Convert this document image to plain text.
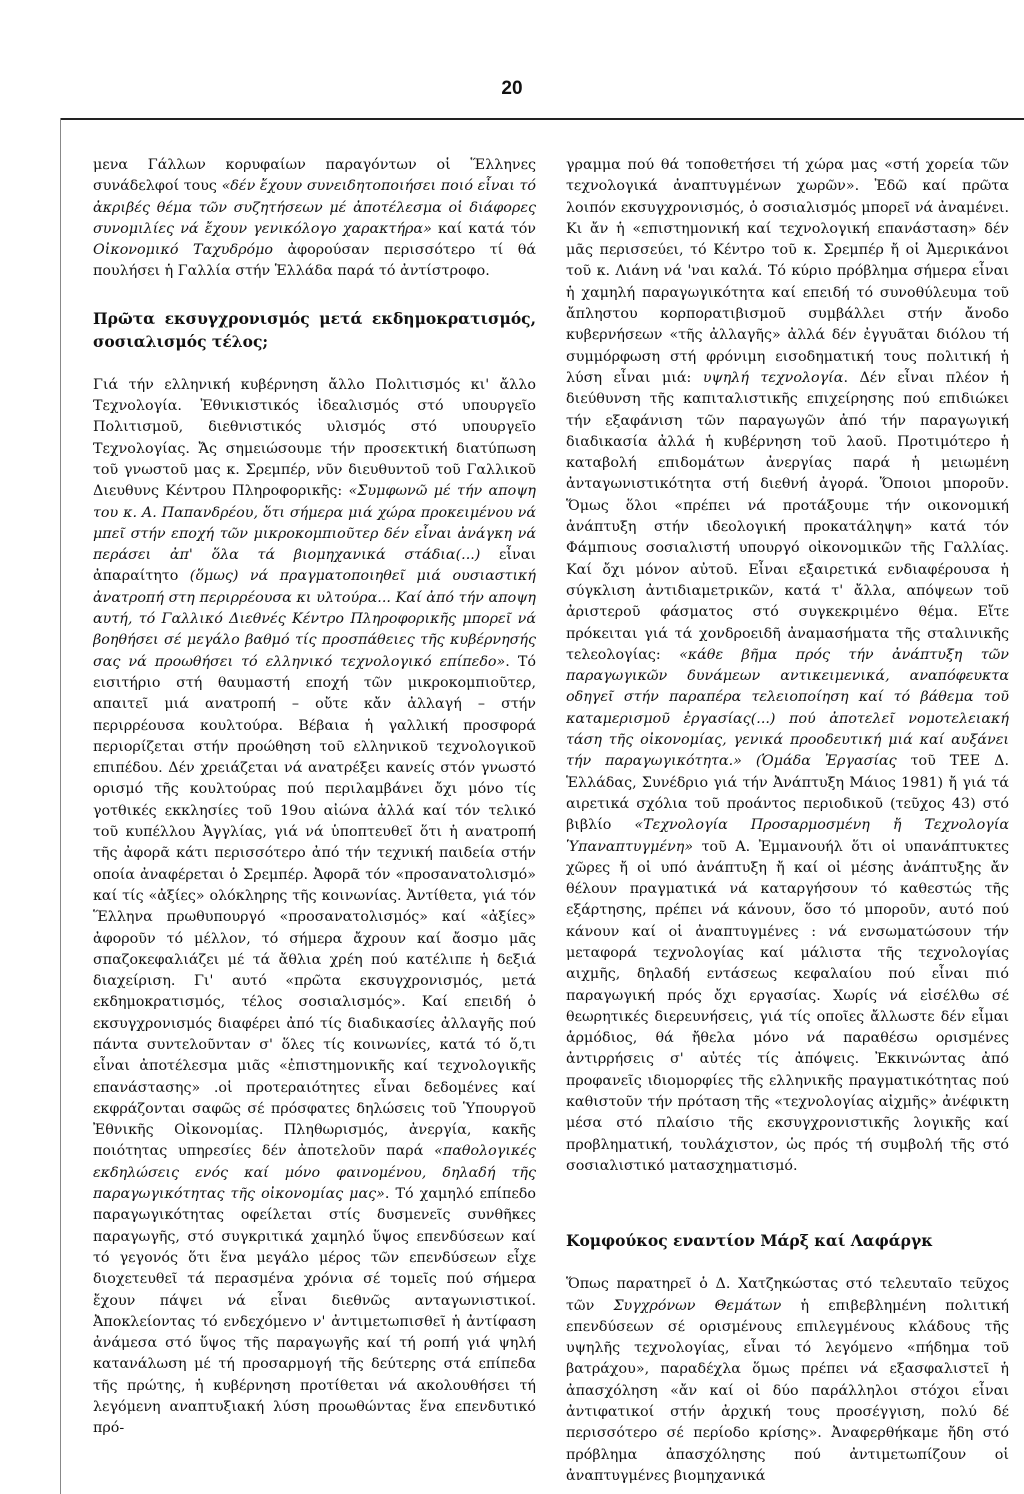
20

μενα Γάλλων κορυφαίων παραγόντων οἱ Ἕλληνες συνάδελφοί τους «δέν ἔχουν συνειδητοποιήσει ποιό εἶναι τό ἀκριβές θέμα τῶν συζητήσεων μέ ἀποτέλεσμα οἱ διάφορες συνομιλίες νά ἔχουν γενικόλογο χαρακτήρα» καί κατά τόν Οἰκονομικό Ταχυδρόμο ἀφορούσαν περισσότερο τί θά πουλήσει ἡ Γαλλία στήν Ἑλλάδα παρά τό ἀντίστροφο.

Πρῶτα εκσυγχρονισμός μετά εκδημοκρατισμός, σοσιαλισμός τέλος;

Γιά τήν ελληνική κυβέρνηση ἄλλο Πολιτισμός κι' ἄλλο Τεχνολογία. Ἐθνικιστικός ἰδεαλισμός στό υπουργεῖο Πολιτισμοῦ, διεθνιστικός υλισμός στό υπουργεῖο Τεχνολογίας. Ἄς σημειώσουμε τήν προσεκτική διατύπωση τοῦ γνωστοῦ μας κ. Σρεμπέρ, νῦν διευθυντοῦ τοῦ Γαλλικοῦ Διευθυνς Κέντρου Πληροφορικῆς: «Συμφωνῶ μέ τήν αποψη του κ. Α. Παπανδρέου, ὅτι σήμερα μιά χώρα προκειμένου νά μπεῖ στήν εποχή τῶν μικροκομπιοῦτερ δέν εἶναι ἀνάγκη νά περάσει ἀπ' ὅλα τά βιομηχανικά στάδια(...) εἶναι ἀπαραίτητο (ὅμως) νά πραγματοποιηθεῖ μιά ουσιαστική ἀνατροπή στη περιρρέουσα κι υλτούρα... Καί ἀπό τήν αποψη αυτή, τό Γαλλικό Διεθνές Κέντρο Πληροφορικῆς μπορεῖ νά βοηθήσει σέ μεγάλο βαθμό τίς προσπάθειες τῆς κυβέρνησής σας νά προωθήσει τό ελληνικό τεχνολογικό επίπεδο». Τό εισιτήριο στή θαυμαστή εποχή τῶν μικροκομπιοῦτερ, απαιτεῖ μιά ανατροπή – οὔτε κἄν ἀλλαγή – στήν περιρρέουσα κουλτούρα. Βέβαια ἡ γαλλική προσφορά περιορίζεται στήν προώθηση τοῦ ελληνικοῦ τεχνολογικοῦ επιπέδου. Δέν χρειάζεται νά ανατρέξει κανείς στόν γνωστό ορισμό τῆς κουλτούρας πού περιλαμβάνει ὄχι μόνο τίς γοτθικές εκκλησίες τοῦ 19ου αἰώνα ἀλλά καί τόν τελικό τοῦ κυπέλλου Ἀγγλίας, γιά νά ὑποπτευθεῖ ὅτι ἡ ανατροπή τῆς ἀφορᾶ κάτι περισσότερο ἀπό τήν τεχνική παιδεία στήν οποία ἀναφέρεται ὁ Σρεμπέρ. Ἀφορᾶ τόν «προσανατολισμό» καί τίς «ἀξίες» ολόκληρης τῆς κοινωνίας. Ἀντίθετα, γιά τόν Ἕλληνα πρωθυπουργό «προσανατολισμός» καί «ἀξίες» ἀφοροῦν τό μέλλον, τό σήμερα ἄχρουν καί ἄοσμο μᾶς σπαζοκεφαλιάζει μέ τά ἄθλια χρέη πού κατέλιπε ἡ δεξιά διαχείριση. Γι' αυτό «πρῶτα εκσυγχρονισμός, μετά εκδημοκρατισμός, τέλος σοσιαλισμός». Καί επειδή ὁ εκσυγχρονισμός διαφέρει ἀπό τίς διαδικασίες ἀλλαγῆς πού πάντα συντελοῦνταν σ' ὅλες τίς κοινωνίες, κατά τό ὅ,τι εἶναι ἀποτέλεσμα μιᾶς «ἐπιστημονικῆς καί τεχνολογικῆς επανάστασης» .οἱ προτεραιότητες εἶναι δεδομένες καί εκφράζονται σαφῶς σέ πρόσφατες δηλώσεις τοῦ Ὑπουργοῦ Ἐθνικῆς Οἰκονομίας. Πληθωρισμός, ἀνεργία, κακῆς ποιότητας υπηρεσίες δέν ἀποτελοῦν παρά «παθολογικές εκδηλώσεις ενός καί μόνο φαινομένου, δηλαδή τῆς παραγωγικότητας τῆς οἰκονομίας μας». Τό χαμηλό επίπεδο παραγωγικότητας οφείλεται στίς δυσμενεῖς συνθῆκες παραγωγῆς, στό συγκριτικά χαμηλό ὕψος επενδύσεων καί τό γεγονός ὅτι ἕνα μεγάλο μέρος τῶν επενδύσεων εἶχε διοχετευθεῖ τά περασμένα χρόνια σέ τομεῖς πού σήμερα ἔχουν πάψει νά εἶναι διεθνῶς ανταγωνιστικοί. Ἀποκλείοντας τό ενδεχόμενο ν' ἀντιμετωπισθεῖ ἡ ἀντίφαση ἀνάμεσα στό ὕψος τῆς παραγωγῆς καί τή ροπή γιά ψηλή κατανάλωση μέ τή προσαρμογή τῆς δεύτερης στά επίπεδα τῆς πρώτης, ἡ κυβέρνηση προτίθεται νά ακολουθήσει τή λεγόμενη αναπτυξιακή λύση προωθώντας ἕνα επενδυτικό πρό-

γραμμα πού θά τοποθετήσει τή χώρα μας «στή χορεία τῶν τεχνολογικά ἀναπτυγμένων χωρῶν». Ἐδῶ καί πρῶτα λοιπόν εκσυγχρονισμός, ὁ σοσιαλισμός μπορεῖ νά ἀναμένει. Κι ἄν ἡ «επιστημονική καί τεχνολογική επανάσταση» δέν μᾶς περισσεύει, τό Κέντρο τοῦ κ. Σρεμπέρ ἤ οἱ Ἀμερικάνοι τοῦ κ. Λιάνη νά 'ναι καλά. Τό κύριο πρόβλημα σήμερα εἶναι ἡ χαμηλή παραγωγικότητα καί επειδή τό συνοθύλευμα τοῦ ἄπληστου κορπορατιβισμοῦ συμβάλλει στήν ἄνοδο κυβερνήσεων «τῆς ἀλλαγῆς» ἀλλά δέν ἐγγυᾶται διόλου τή συμμόρφωση στή φρόνιμη εισοδηματική τους πολιτική ἡ λύση εἶναι μιά: υψηλή τεχνολογία. Δέν εἶναι πλέον ἡ διεύθυνση τῆς καπιταλιστικῆς επιχείρησης πού επιδιώκει τήν εξαφάνιση τῶν παραγωγῶν ἀπό τήν παραγωγική διαδικασία ἀλλά ἡ κυβέρνηση τοῦ λαοῦ. Προτιμότερο ἡ καταβολή επιδομάτων ἀνεργίας παρά ἡ μειωμένη ἀνταγωνιστικότητα στή διεθνή ἀγορά. Ὅποιοι μποροῦν. Ὅμως ὅλοι «πρέπει νά προτάξουμε τήν οικονομική ἀνάπτυξη στήν ιδεολογική προκατάληψη» κατά τόν Φάμπιους σοσιαλιστή υπουργό οἰκονομικῶν τῆς Γαλλίας. Καί ὄχι μόνον αὐτοῦ. Εἶναι εξαιρετικά ενδιαφέρουσα ἡ σύγκλιση ἀντιδιαμετρικῶν, κατά τ' ἄλλα, απόψεων τοῦ ἀριστεροῦ φάσματος στό συγκεκριμένο θέμα. Εἴτε πρόκειται γιά τά χονδροειδῆ ἀναμασήματα τῆς σταλινικῆς τελεολογίας: «κάθε βῆμα πρός τήν ἀνάπτυξη τῶν παραγωγικῶν δυνάμεων αντικειμενικά, αναπόφευκτα οδηγεῖ στήν παραπέρα τελειοποίηση καί τό βάθεμα τοῦ καταμερισμοῦ ἐργασίας(...) πού ἀποτελεῖ νομοτελειακή τάση τῆς οἰκονομίας, γενικά προοδευτική μιά καί αυξάνει τήν παραγωγικότητα.» (Ὁμάδα Ἐργασίας τοῦ ΤΕΕ Δ. Ἑλλάδας, Συνέδριο γιά τήν Ἀνάπτυξη Μάιος 1981) ἤ γιά τά αιρετικά σχόλια τοῦ προάντος περιοδικοῦ (τεῦχος 43) στό βιβλίο «Τεχνολογία Προσαρμοσμένη ἤ Τεχνολογία Ὑπαναπτυγμένη» τοῦ Α. Ἐμμανουήλ ὅτι οἱ υπανάπτυκτες χῶρες ἤ οἱ υπό ἀνάπτυξη ἤ καί οἱ μέσης ἀνάπτυξης ἄν θέλουν πραγματικά νά καταργήσουν τό καθεστώς τῆς εξάρτησης, πρέπει νά κάνουν, ὅσο τό μποροῦν, αυτό πού κάνουν καί οἱ ἀναπτυγμένες : νά ενσωματώσουν τήν μεταφορά τεχνολογίας καί μάλιστα τῆς τεχνολογίας αιχμῆς, δηλαδή εντάσεως κεφαλαίου πού εἶναι πιό παραγωγική πρός ὄχι εργασίας. Χωρίς νά εἰσέλθω σέ θεωρητικές διερευνήσεις, γιά τίς οποῖες ἄλλωστε δέν εἶμαι ἁρμόδιος, θά ἤθελα μόνο νά παραθέσω ορισμένες ἀντιρρήσεις σ' αὐτές τίς ἀπόψεις. Ἐκκινώντας ἀπό προφανεῖς ιδιομορφίες τῆς ελληνικῆς πραγματικότητας πού καθιστοῦν τήν πρόταση τῆς «τεχνολογίας αἰχμῆς» ἀνέφικτη μέσα στό πλαίσιο τῆς εκσυγχρονιστικῆς λογικῆς καί προβληματική, τουλάχιστον, ὡς πρός τή συμβολή τῆς στό σοσιαλιστικό ματασχηματισμό.

Κομφούκος εναντίον Μάρξ καί Λαφάργκ

Ὅπως παρατηρεῖ ὁ Δ. Χατζηκώστας στό τελευταῖο τεῦχος τῶν Συγχρόνων Θεμάτων ἡ επιβεβλημένη πολιτική επενδύσεων σέ ορισμένους επιλεγμένους κλάδους τῆς υψηλῆς τεχνολογίας, εἶναι τό λεγόμενο «πήδημα τοῦ βατράχου», παραδέχλα ὅμως πρέπει νά εξασφαλιστεῖ ἡ ἀπασχόληση «ἄν καί οἱ δύο παράλληλοι στόχοι εἶναι ἀντιφατικοί στήν ἀρχική τους προσέγγιση, πολύ δέ περισσότερο σέ περίοδο κρίσης». Ἀναφερθήκαμε ἤδη στό πρόβλημα ἀπασχόλησης πού ἀντιμετωπίζουν οἱ ἀναπτυγμένες βιομηχανικά
